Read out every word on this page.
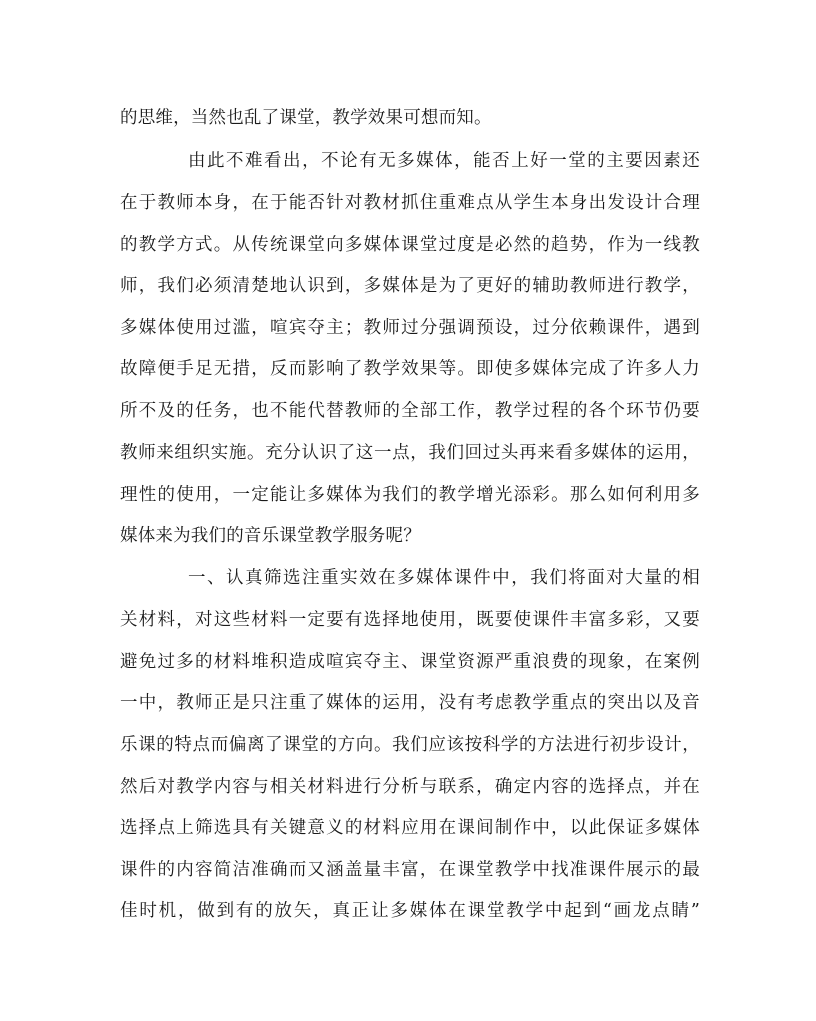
的思维，当然也乱了课堂，教学效果可想而知。
由此不难看出，不论有无多媒体，能否上好一堂的主要因素还
在于教师本身，在于能否针对教材抓住重难点从学生本身出发设计合理
的教学方式。从传统课堂向多媒体课堂过度是必然的趋势，作为一线教
师，我们必须清楚地认识到，多媒体是为了更好的辅助教师进行教学，
多媒体使用过滥，喧宾夺主；教师过分强调预设，过分依赖课件，遇到
故障便手足无措，反而影响了教学效果等。即使多媒体完成了许多人力
所不及的任务，也不能代替教师的全部工作，教学过程的各个环节仍要
教师来组织实施。充分认识了这一点，我们回过头再来看多媒体的运用，
理性的使用，一定能让多媒体为我们的教学增光添彩。那么如何利用多
媒体来为我们的音乐课堂教学服务呢？
一、认真筛选注重实效在多媒体课件中，我们将面对大量的相
关材料，对这些材料一定要有选择地使用，既要使课件丰富多彩，又要
避免过多的材料堆积造成喧宾夺主、课堂资源严重浪费的现象，在案例
一中，教师正是只注重了媒体的运用，没有考虑教学重点的突出以及音
乐课的特点而偏离了课堂的方向。我们应该按科学的方法进行初步设计，
然后对教学内容与相关材料进行分析与联系，确定内容的选择点，并在
选择点上筛选具有关键意义的材料应用在课间制作中，以此保证多媒体
课件的内容简洁准确而又涵盖量丰富，在课堂教学中找准课件展示的最
佳时机，做到有的放矢，真正让多媒体在课堂教学中起到“画龙点睛”
